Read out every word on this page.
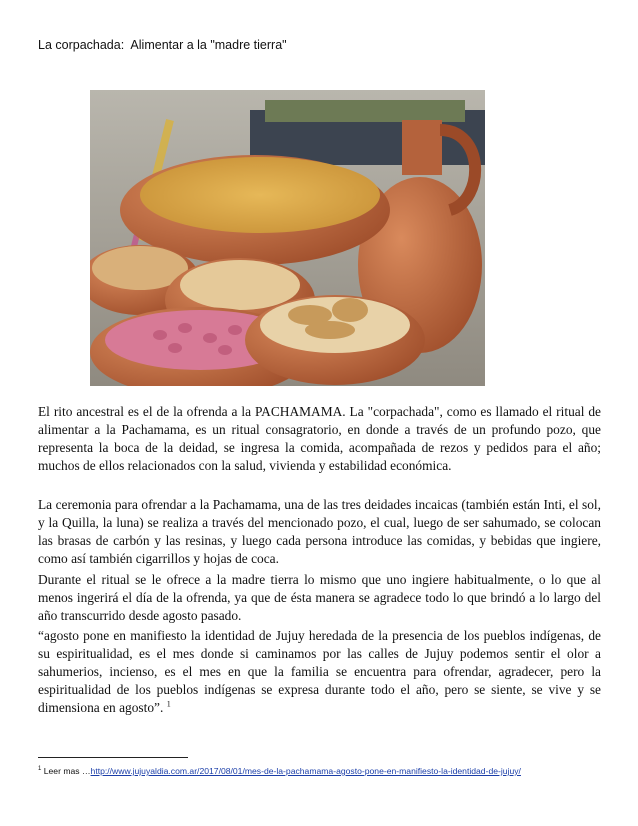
La corpachada:  Alimentar a la "madre tierra"

El rito ancestral es el de la ofrenda a la PACHAMAMA. La "corpachada", como es llamado el ritual de alimentar a la Pachamama, es un ritual consagratorio, en donde a través de un profundo pozo, que representa la boca de la deidad, se ingresa la comida, acompañada de rezos y pedidos para el año; muchos de ellos relacionados con la salud, vivienda y estabilidad económica.

La ceremonia para ofrendar a la Pachamama, una de las tres deidades incaicas (también están Inti, el sol, y la Quilla, la luna) se realiza a través del mencionado pozo, el cual, luego de ser sahumado, se colocan las brasas de carbón y las resinas, y luego cada persona introduce las comidas, y bebidas que ingiere, como así también cigarrillos y hojas de coca.

Durante el ritual se le ofrece a la madre tierra lo mismo que uno ingiere habitualmente, o lo que al menos ingerirá el día de la ofrenda, ya que de ésta manera se agradece todo lo que brindó a lo largo del año transcurrido desde agosto pasado.

“agosto pone en manifiesto la identidad de Jujuy heredada de la presencia de los pueblos indígenas, de su espiritualidad, es el mes donde si caminamos por las calles de Jujuy podemos sentir el olor a sahumerios, incienso, es el mes en que la familia se encuentra para ofrendar, agradecer, pero la espiritualidad de los pueblos indígenas se expresa durante todo el año, pero se siente, se vive y se dimensiona en agosto”. $^1$

$^1$ Leer mas …http://www.jujuyaldia.com.ar/2017/08/01/mes-de-la-pachamama-agosto-pone-en-manifiesto-la-identidad-de-jujuy/
